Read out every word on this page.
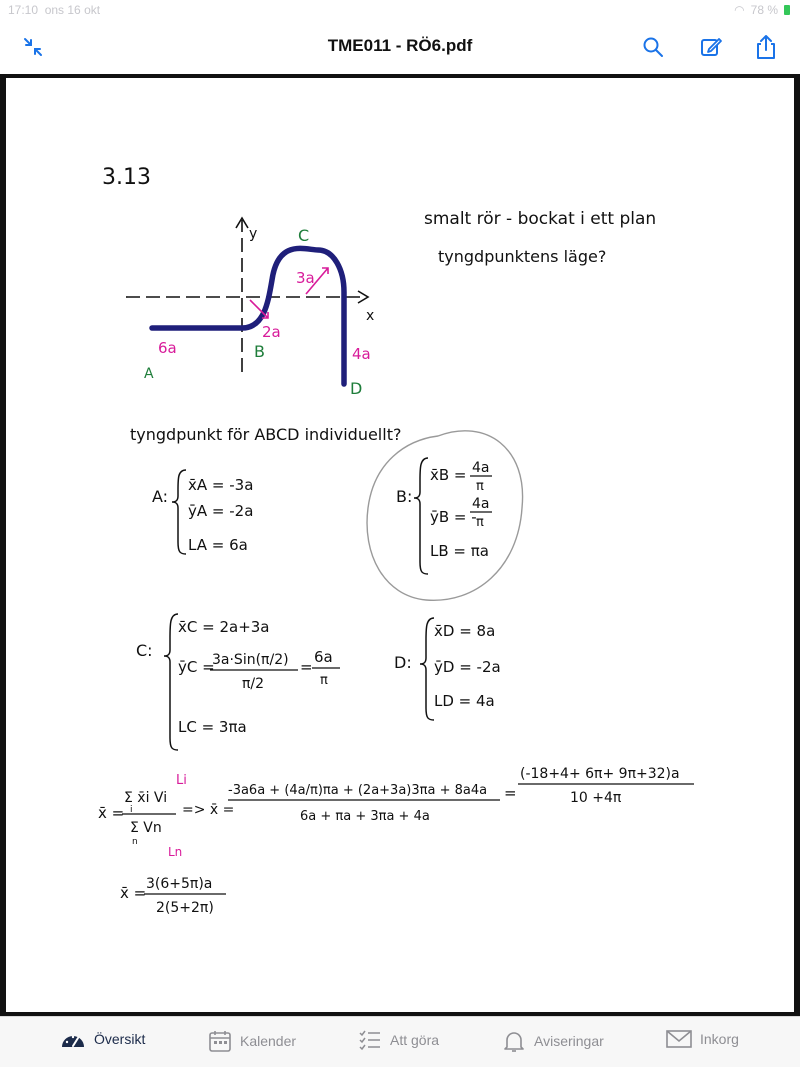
17:10 ons 16 okt	◠ 78 %
TME011 - RÖ6.pdf
3.13
y
x
C
A
B
D
6a
2a
3a
4a
smalt rör - bockat i ett plan
tyngdpunktens läge?
tyngdpunkt för ABCD individuellt?
A:
x̄A = -3a
ȳA = -2a
LA = 6a
B:
x̄B = 4a
π
ȳB = -
4a
π
LB = πa
C:
x̄C = 2a+3a
ȳC =
3a·Sin(π/2)
π/2
=
6a
π
LC = 3πa
D:
x̄D = 8a
ȳD = -2a
LD = 4a
x̄ =
Σ x̄i Vi
i
Σ Vn
n
Li
Ln
=> x̄ =
-3a6a + (4a/π)πa + (2a+3a)3πa + 8a4a
6a + πa + 3πa + 4a
=
(-18+4+ 6π+ 9π+32)a
10 +4π
x̄ = 3(6+5π)a
2(5+2π)
Översikt	Kalender	Att göra	Aviseringar	Inkorg
